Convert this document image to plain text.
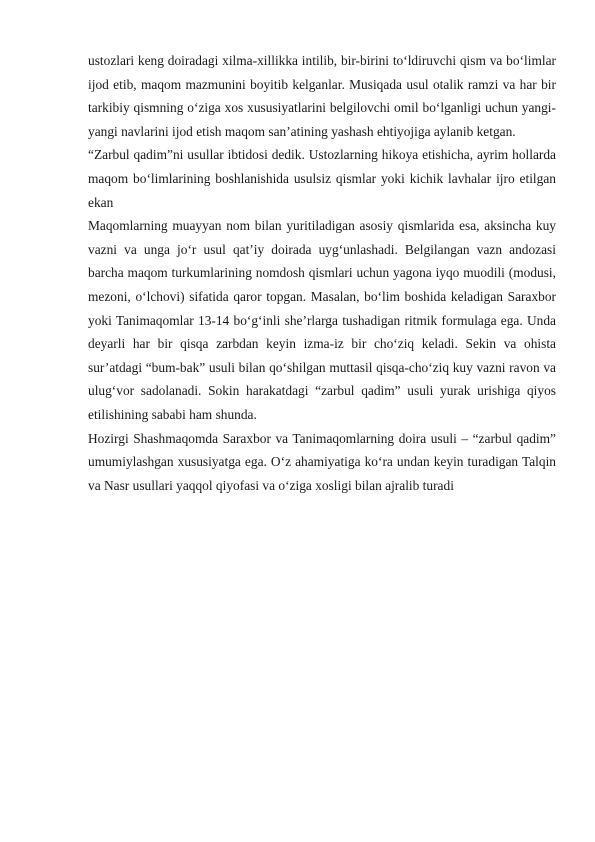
ustozlari keng doiradagi xilma-xillikka intilib, bir-birini toʻldiruvchi qism va boʻlimlar ijod etib, maqom mazmunini boyitib kelganlar. Musiqada usul otalik ramzi va har bir tarkibiy qismning oʻziga xos xususiyatlarini belgilovchi omil boʻlganligi uchun yangi-yangi navlarini ijod etish maqom san’atining yashash ehtiyojiga aylanib ketgan.

“Zarbul qadim”ni usullar ibtidosi dedik. Ustozlarning hikoya etishicha, ayrim hollarda maqom boʻlimlarining boshlanishida usulsiz qismlar yoki kichik lavhalar ijro etilgan ekan

Maqomlarning muayyan nom bilan yuritiladigan asosiy qismlarida esa, aksincha kuy vazni va unga joʻr usul qat’iy doirada uygʻunlashadi. Belgilangan vazn andozasi barcha maqom turkumlarining nomdosh qismlari uchun yagona iyqo muodili (modusi, mezoni, oʻlchovi) sifatida qaror topgan. Masalan, boʻlim boshida keladigan Saraxbor yoki Tanimaqomlar 13-14 boʻgʻinli she’rlarga tushadigan ritmik formulaga ega. Unda deyarli har bir qisqa zarbdan keyin izma-iz bir choʻziq keladi. Sekin va ohista sur’atdagi “bum-bak” usuli bilan qoʻshilgan muttasil qisqa-choʻziq kuy vazni ravon va ulugʻvor sadolanadi. Sokin harakatdagi “zarbul qadim” usuli yurak urishiga qiyos etilishining sababi ham shunda.

Hozirgi Shashmaqomda Saraxbor va Tanimaqomlarning doira usuli – “zarbul qadim” umumiylashgan xususiyatga ega. Oʻz ahamiyatiga koʻra undan keyin turadigan Talqin va Nasr usullari yaqqol qiyofasi va oʻziga xosligi bilan ajralib turadi
